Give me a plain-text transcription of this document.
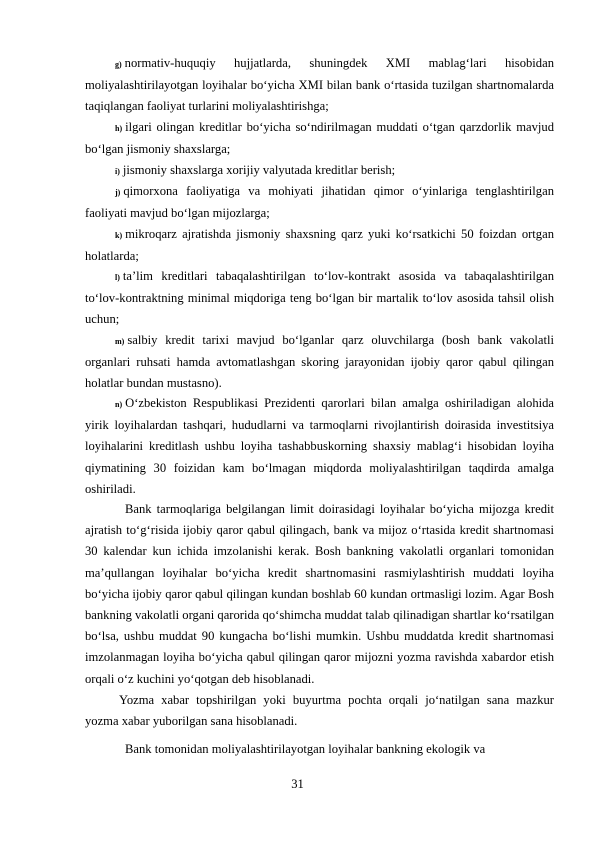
g) normativ-huquqiy hujjatlarda, shuningdek XMI mablag‘lari hisobidan moliyalashtirilayotgan loyihalar bo‘yicha XMI bilan bank o‘rtasida tuzilgan shartnomalarda taqiqlangan faoliyat turlarini moliyalashtirishga;
h) ilgari olingan kreditlar bo‘yicha so‘ndirilmagan muddati o‘tgan qarzdorlik mavjud bo‘lgan jismoniy shaxslarga;
i) jismoniy shaxslarga xorijiy valyutada kreditlar berish;
j) qimorxona faoliyatiga va mohiyati jihatidan qimor o‘yinlariga tenglashtirilgan faoliyati mavjud bo‘lgan mijozlarga;
k) mikroqarz ajratishda jismoniy shaxsning qarz yuki ko‘rsatkichi 50 foizdan ortgan holatlarda;
l) ta’lim kreditlari tabaqalashtirilgan to‘lov-kontrakt asosida va tabaqalashtirilgan to‘lov-kontraktning minimal miqdoriga teng bo‘lgan bir martalik to‘lov asosida tahsil olish uchun;
m) salbiy kredit tarixi mavjud bo‘lganlar qarz oluvchilarga (bosh bank vakolatli organlari ruhsati hamda avtomatlashgan skoring jarayonidan ijobiy qaror qabul qilingan holatlar bundan mustasno).
n) O‘zbekiston Respublikasi Prezidenti qarorlari bilan amalga oshiriladigan alohida yirik loyihalardan tashqari, hududlarni va tarmoqlarni rivojlantirish doirasida investitsiya loyihalarini kreditlash ushbu loyiha tashabbuskorning shaxsiy mablag‘i hisobidan loyiha qiymatining 30 foizidan kam bo‘lmagan miqdorda moliyalashtirilgan taqdirda amalga oshiriladi.
Bank tarmoqlariga belgilangan limit doirasidagi loyihalar bo‘yicha mijozga kredit ajratish to‘g‘risida ijobiy qaror qabul qilingach, bank va mijoz o‘rtasida kredit shartnomasi 30 kalendar kun ichida imzolanishi kerak. Bosh bankning vakolatli organlari tomonidan ma’qullangan loyihalar bo‘yicha kredit shartnomasini rasmiylashtirish muddati loyiha bo‘yicha ijobiy qaror qabul qilingan kundan boshlab 60 kundan ortmasligi lozim. Agar Bosh bankning vakolatli organi qarorida qo‘shimcha muddat talab qilinadigan shartlar ko‘rsatilgan bo‘lsa, ushbu muddat 90 kungacha bo‘lishi mumkin. Ushbu muddatda kredit shartnomasi imzolanmagan loyiha bo‘yicha qabul qilingan qaror mijozni yozma ravishda xabardor etish orqali o‘z kuchini yo‘qotgan deb hisoblanadi.
Yozma xabar topshirilgan yoki buyurtma pochta orqali jo‘natilgan sana mazkur yozma xabar yuborilgan sana hisoblanadi.
Bank tomonidan moliyalashtirilayotgan loyihalar bankning ekologik va
31
